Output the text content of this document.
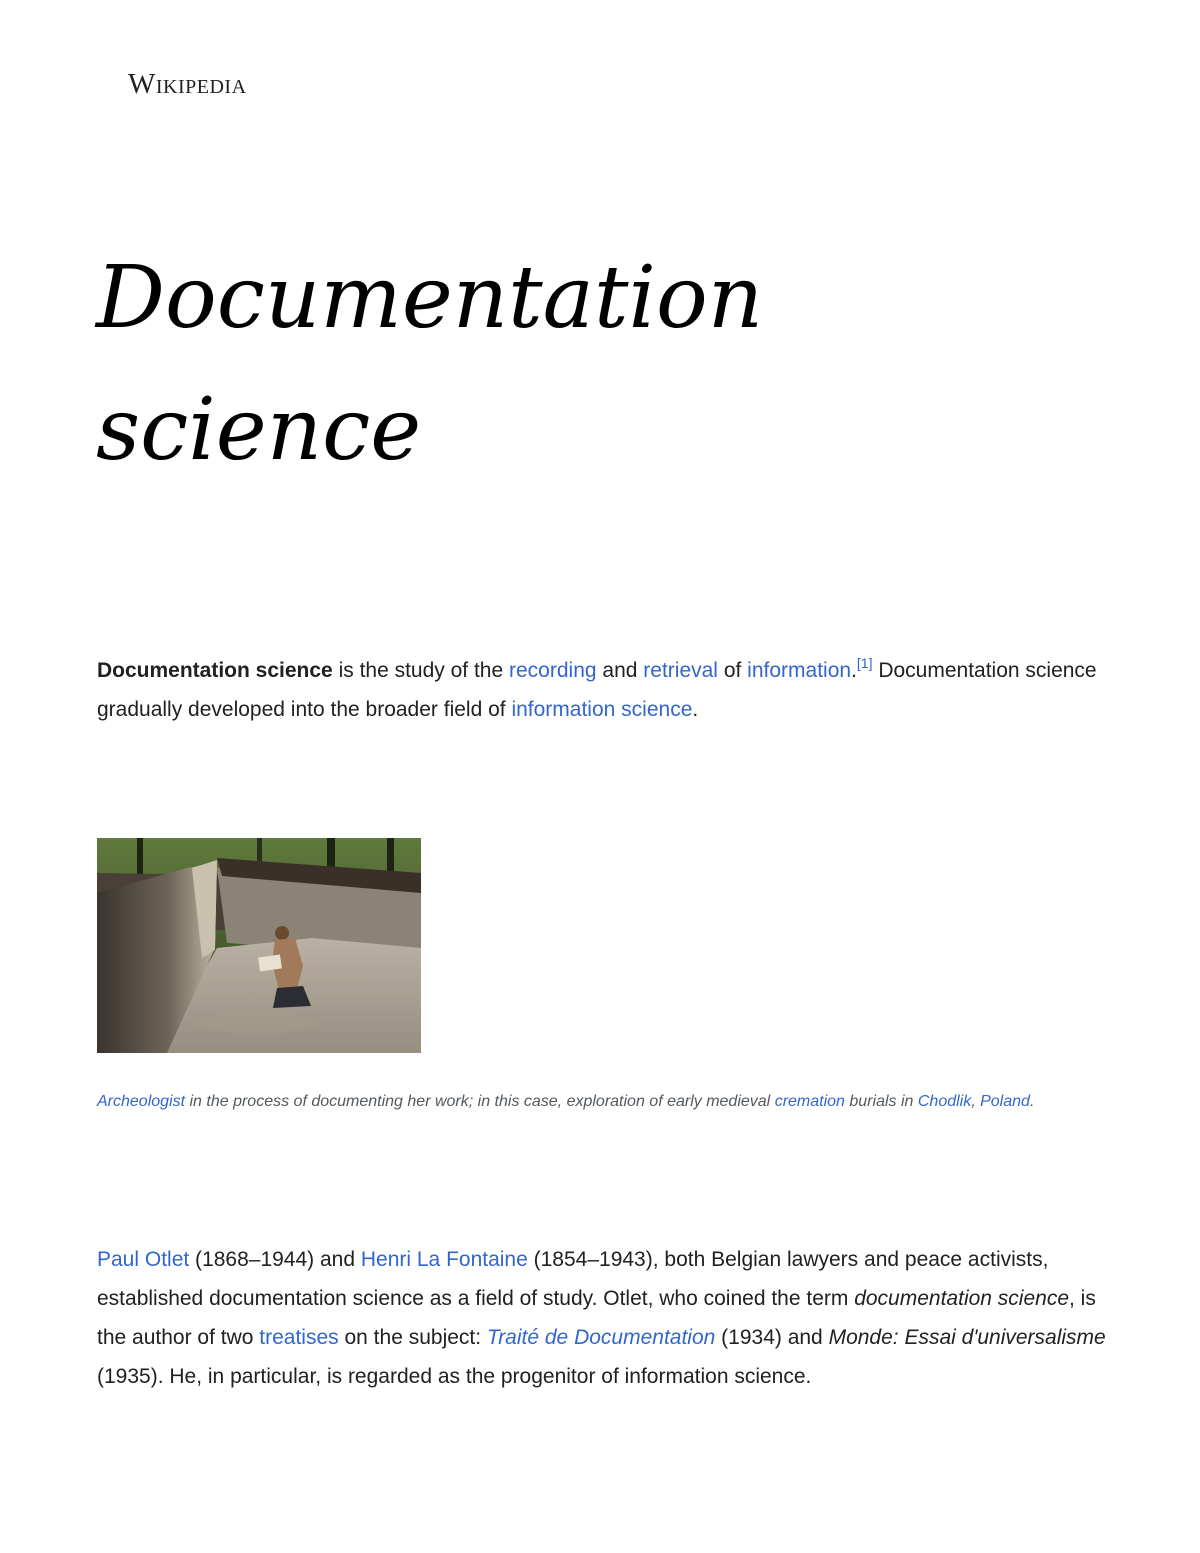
Wikipedia
Documentation science

Documentation science is the study of the recording and retrieval of information.[1] Documentation science gradually developed into the broader field of information science.

Archeologist in the process of documenting her work; in this case, exploration of early medieval cremation burials in Chodlik, Poland.

Paul Otlet (1868–1944) and Henri La Fontaine (1854–1943), both Belgian lawyers and peace activists, established documentation science as a field of study. Otlet, who coined the term documentation science, is the author of two treatises on the subject: Traité de Documentation (1934) and Monde: Essai d'universalisme (1935). He, in particular, is regarded as the progenitor of information science.
